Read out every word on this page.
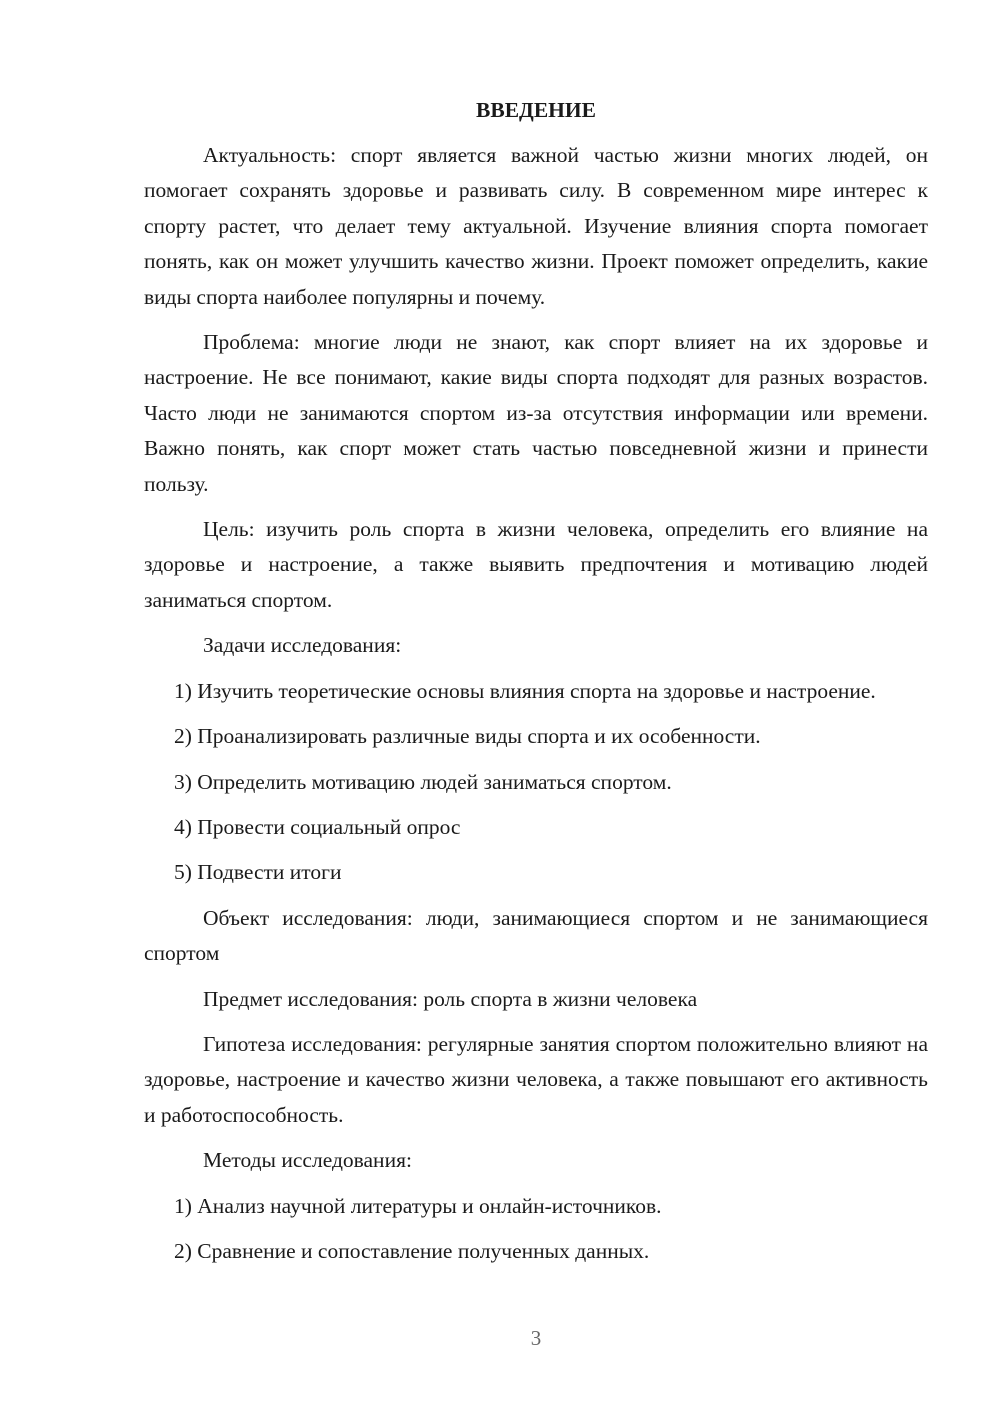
ВВЕДЕНИЕ

Актуальность: спорт является важной частью жизни многих людей, он помогает сохранять здоровье и развивать силу. В современном мире интерес к спорту растет, что делает тему актуальной. Изучение влияния спорта помогает понять, как он может улучшить качество жизни. Проект поможет определить, какие виды спорта наиболее популярны и почему.

Проблема: многие люди не знают, как спорт влияет на их здоровье и настроение. Не все понимают, какие виды спорта подходят для разных возрастов. Часто люди не занимаются спортом из-за отсутствия информации или времени. Важно понять, как спорт может стать частью повседневной жизни и принести пользу.

Цель: изучить роль спорта в жизни человека, определить его влияние на здоровье и настроение, а также выявить предпочтения и мотивацию людей заниматься спортом.

Задачи исследования:

1) Изучить теоретические основы влияния спорта на здоровье и настроение.

2) Проанализировать различные виды спорта и их особенности.

3) Определить мотивацию людей заниматься спортом.

4) Провести социальный опрос

5) Подвести итоги

Объект исследования: люди, занимающиеся спортом и не занимающиеся спортом

Предмет исследования: роль спорта в жизни человека

Гипотеза исследования: регулярные занятия спортом положительно влияют на здоровье, настроение и качество жизни человека, а также повышают его активность и работоспособность.

Методы исследования:

1) Анализ научной литературы и онлайн-источников.

2) Сравнение и сопоставление полученных данных.

3
